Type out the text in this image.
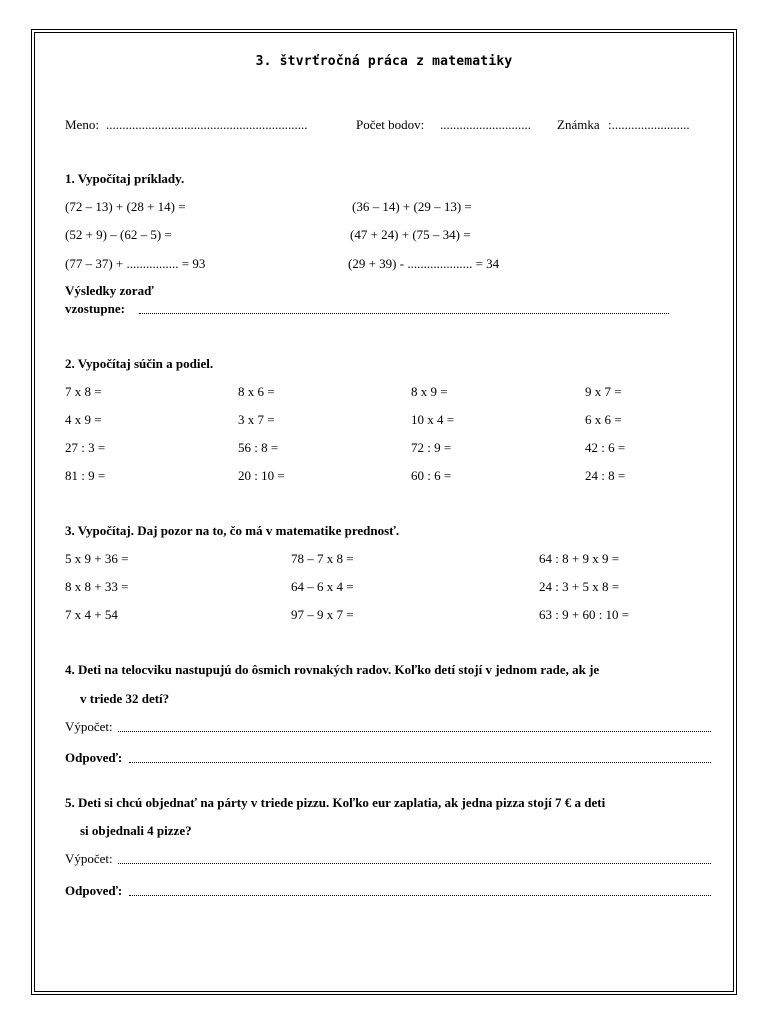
3. štvrťročná práca z matematiky
Meno: ..............................................................	Počet bodov: ............................ Známka :........................
1. Vypočítaj príklady.
(72 – 13) + (28 + 14) =	(36 – 14) + (29 – 13) =
(52 + 9) – (62 – 5) =	(47 + 24) + (75 – 34) =
(77 – 37) + ................ = 93	(29 + 39) - .................... = 34
Výsledky zoraď
vzostupne:
2. Vypočítaj súčin a podiel.
7 x 8 =	8 x 6 =	8 x 9 =	9 x 7 =
4 x 9 =	3 x 7 =	10 x 4 =	6 x 6 =
27 : 3 =	56 : 8 =	72 : 9 =	42 : 6 =
81 : 9 =	20 : 10 =	60 : 6 =	24 : 8 =
3. Vypočítaj. Daj pozor na to, čo má v matematike prednosť.
5 x 9 + 36 =	78 – 7 x 8 =	64 : 8 + 9 x 9 =
8 x 8 + 33 =	64 – 6 x 4 =	24 : 3 + 5 x 8 =
7 x 4 + 54	97 – 9 x 7 =	63 : 9 + 60 : 10 =
4. Deti na telocviku nastupujú do ôsmich rovnakých radov. Koľko detí stojí v jednom rade, ak je
v triede 32 detí?
Výpočet:
Odpoveď:
5. Deti si chcú objednať na párty v triede pizzu. Koľko eur zaplatia, ak jedna pizza stojí 7 € a deti
si objednali 4 pizze?
Výpočet:
Odpoveď:
